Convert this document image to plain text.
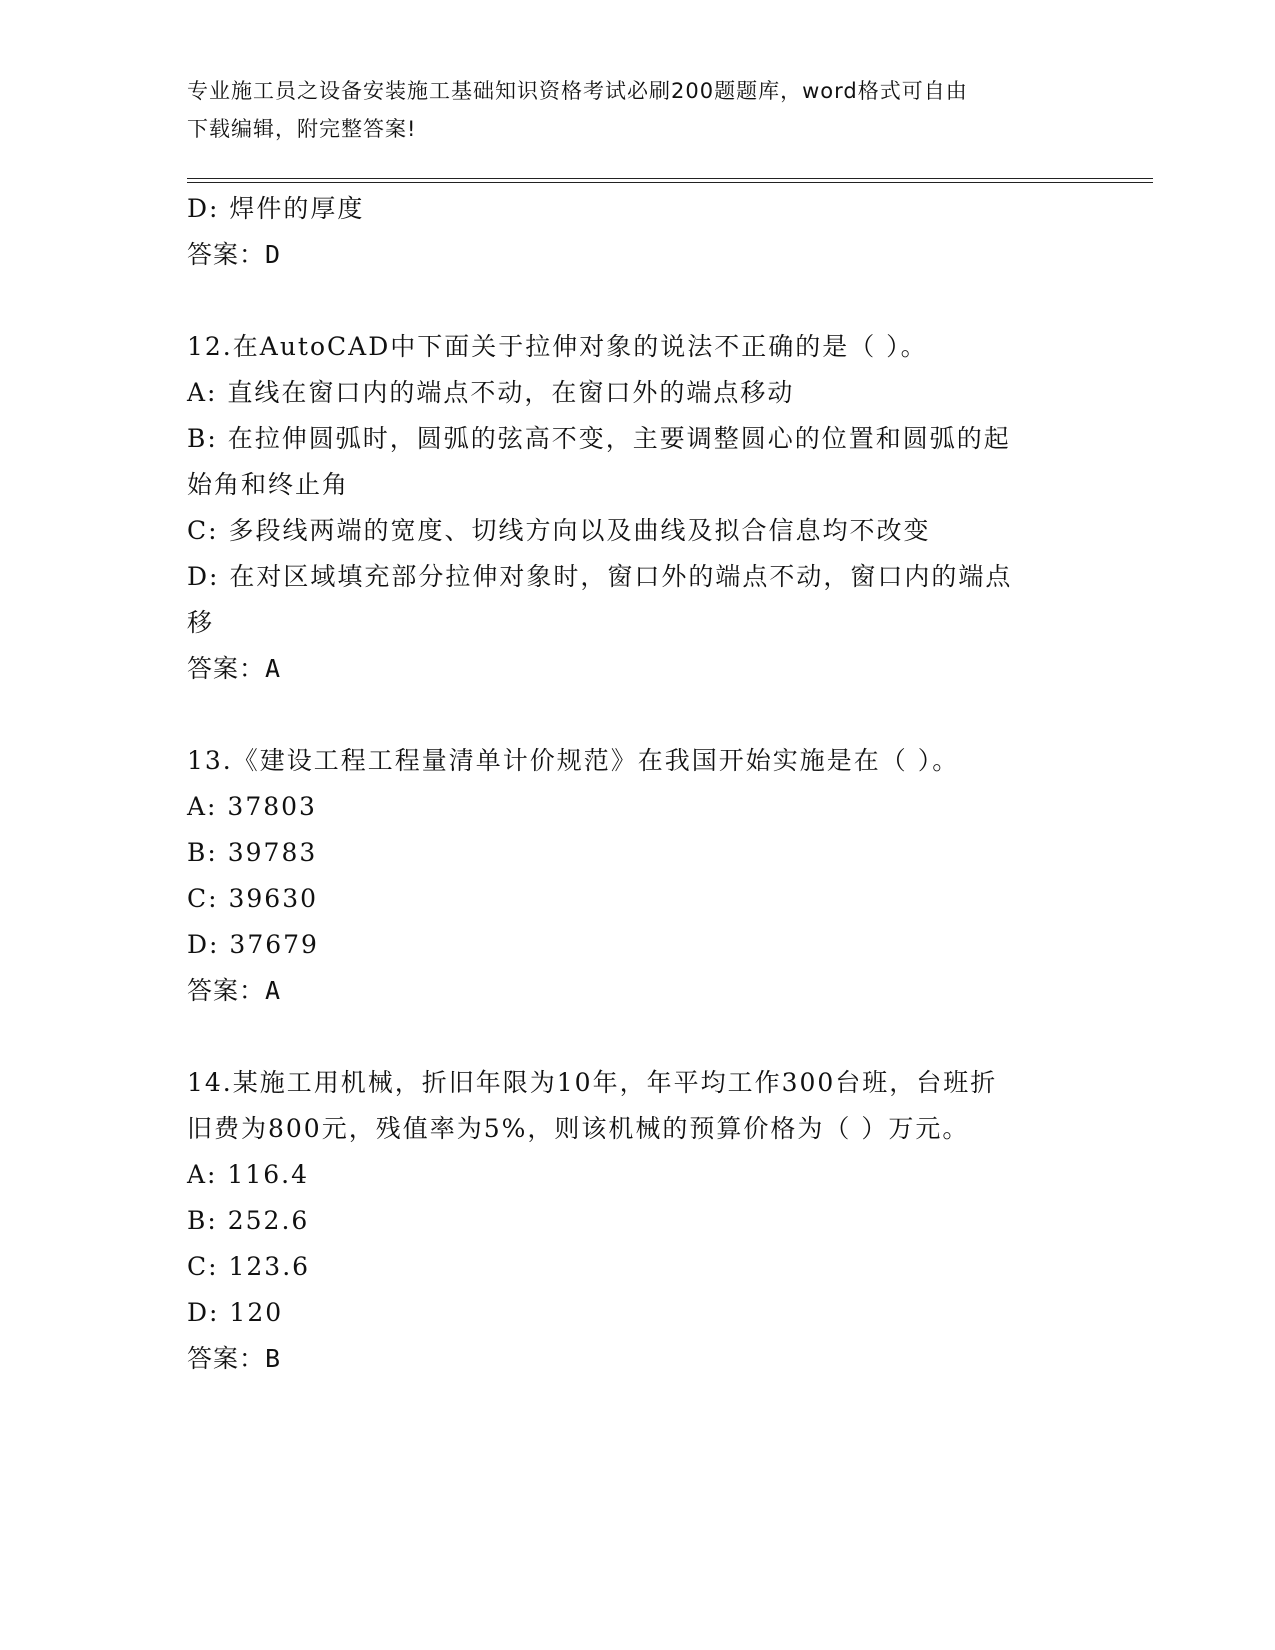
专业施工员之设备安装施工基础知识资格考试必刷200题题库，word格式可自由
下载编辑，附完整答案!
D: 焊件的厚度
答案：D
12.在AutoCAD中下面关于拉伸对象的说法不正确的是（ ）。
A: 直线在窗口内的端点不动，在窗口外的端点移动
B: 在拉伸圆弧时，圆弧的弦高不变，主要调整圆心的位置和圆弧的起
始角和终止角
C: 多段线两端的宽度、切线方向以及曲线及拟合信息均不改变
D: 在对区域填充部分拉伸对象时，窗口外的端点不动，窗口内的端点
移
答案：A
13.《建设工程工程量清单计价规范》在我国开始实施是在（ ）。
A: 37803
B: 39783
C: 39630
D: 37679
答案：A
14.某施工用机械，折旧年限为10年，年平均工作300台班，台班折
旧费为800元，残值率为5%，则该机械的预算价格为（ ）万元。
A: 116.4
B: 252.6
C: 123.6
D: 120
答案：B
